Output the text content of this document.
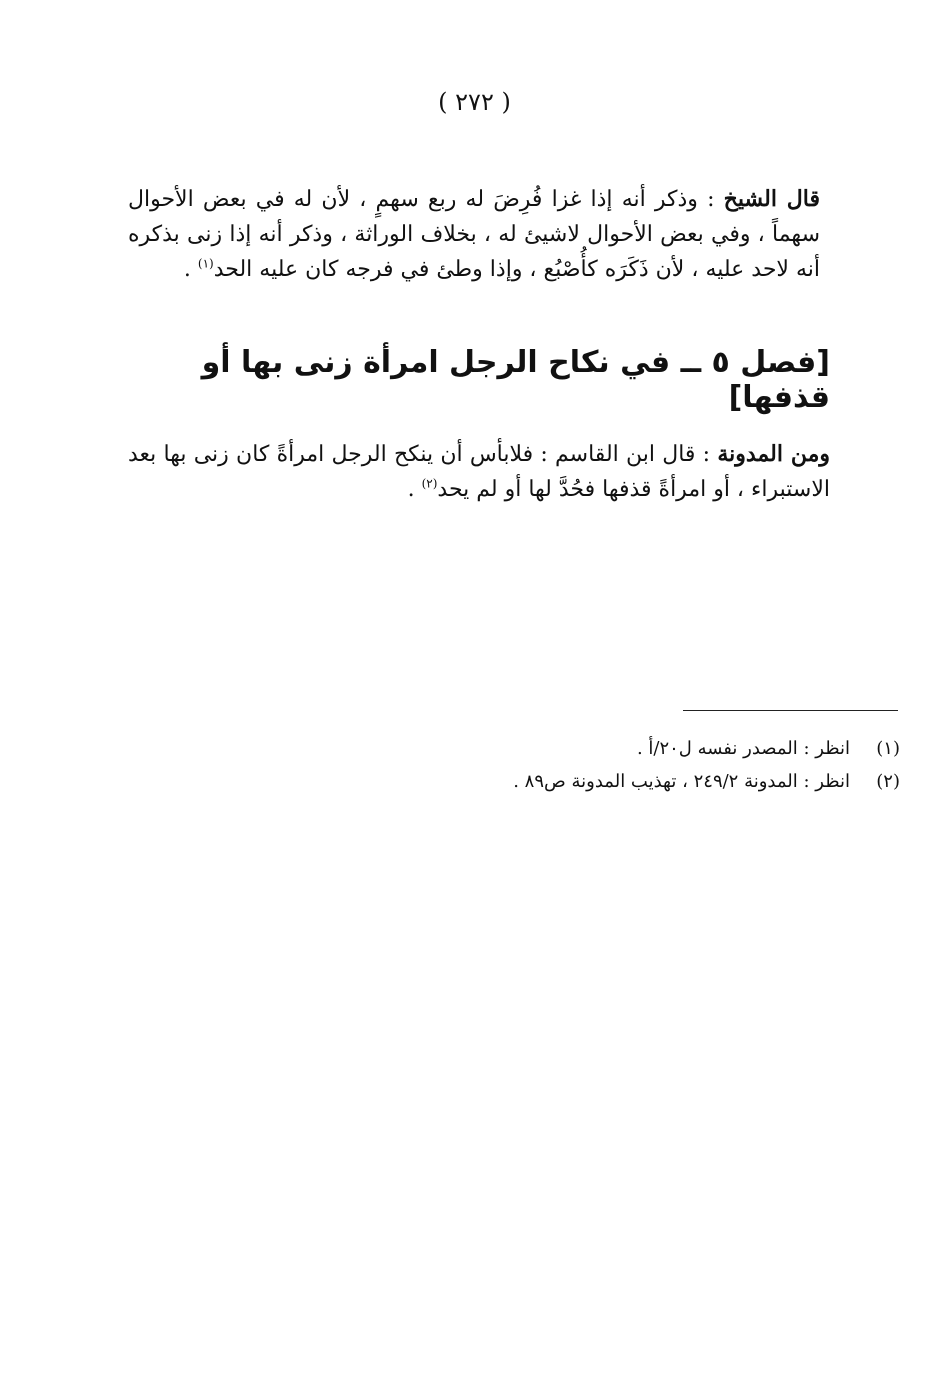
( ٢٧٢ )

قال الشيخ : وذكر أنه إذا غزا فُرِضَ له ربع سهمٍ ، لأن له في بعض الأحوال سهماً ، وفي بعض الأحوال لاشيئ له ، بخلاف الوراثة ، وذكر أنه إذا زنى بذكره أنه لاحد عليه ، لأن ذَكَرَه كأُصْبُع ، وإذا وطئ في فرجه كان عليه الحد$^{(١)}$ .

[فصل ٥ ــ في نكاح الرجل امرأة زنى بها أو قذفها]

ومن المدونة : قال ابن القاسم : فلابأس أن ينكح الرجل امرأةً كان زنى بها بعد الاستبراء ، أو امرأةً قذفها فحُدَّ لها أو لم يحد$^{(٢)}$ .

(١)
انظر : المصدر نفسه ل٢٠/أ .
(٢)
انظر : المدونة ٢٤٩/٢ ، تهذيب المدونة ص٨٩ .
